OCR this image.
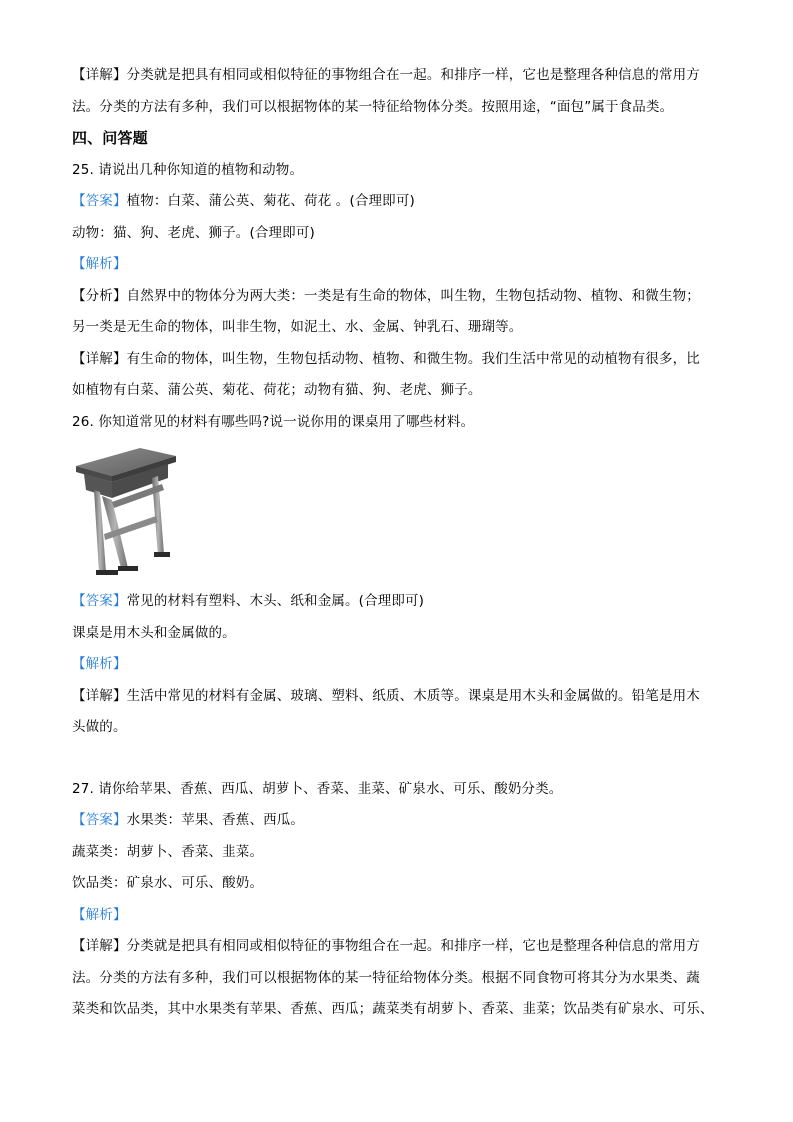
【详解】分类就是把具有相同或相似特征的事物组合在一起。和排序一样，它也是整理各种信息的常用方
法。分类的方法有多种，我们可以根据物体的某一特征给物体分类。按照用途，“面包”属于食品类。
四、问答题
25. 请说出几种你知道的植物和动物。
【答案】植物：白菜、蒲公英、菊花、荷花 。(合理即可)
动物：猫、狗、老虎、狮子。(合理即可)
【解析】
【分析】自然界中的物体分为两大类：一类是有生命的物体，叫生物，生物包括动物、植物、和微生物；
另一类是无生命的物体，叫非生物，如泥土、水、金属、钟乳石、珊瑚等。
【详解】有生命的物体，叫生物，生物包括动物、植物、和微生物。我们生活中常见的动植物有很多，比
如植物有白菜、蒲公英、菊花、荷花；动物有猫、狗、老虎、狮子。
26. 你知道常见的材料有哪些吗?说一说你用的课桌用了哪些材料。
【答案】常见的材料有塑料、木头、纸和金属。(合理即可)
课桌是用木头和金属做的。
【解析】
【详解】生活中常见的材料有金属、玻璃、塑料、纸质、木质等。课桌是用木头和金属做的。铅笔是用木
头做的。
27. 请你给苹果、香蕉、西瓜、胡萝卜、香菜、韭菜、矿泉水、可乐、酸奶分类。
【答案】水果类：苹果、香蕉、西瓜。
蔬菜类：胡萝卜、香菜、韭菜。
饮品类：矿泉水、可乐、酸奶。
【解析】
【详解】分类就是把具有相同或相似特征的事物组合在一起。和排序一样，它也是整理各种信息的常用方
法。分类的方法有多种，我们可以根据物体的某一特征给物体分类。根据不同食物可将其分为水果类、蔬
菜类和饮品类，其中水果类有苹果、香蕉、西瓜；蔬菜类有胡萝卜、香菜、韭菜；饮品类有矿泉水、可乐、
